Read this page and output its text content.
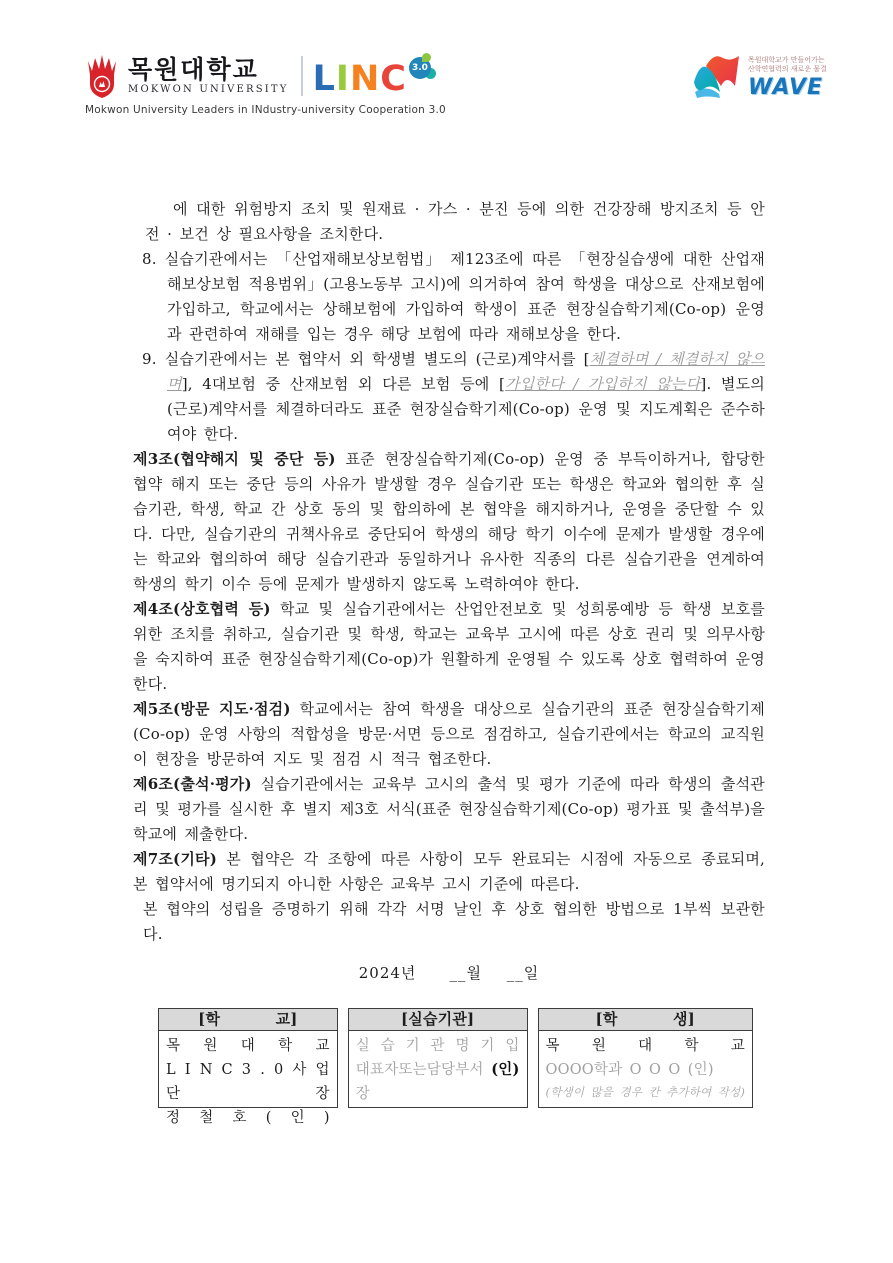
목원대학교
MOKWON UNIVERSITY L I N C 3.0
Mokwon University Leaders in INdustry-university Cooperation 3.0
목원대학교가 만들어가는
산학연협력의 새로운 물결
WAVE

에 대한 위험방지 조치 및 원재료 · 가스 · 분진 등에 의한 건강장해 방지조치 등 안전 · 보건 상 필요사항을 조치한다.

8. 실습기관에서는 「산업재해보상보험법」 제123조에 따른 「현장실습생에 대한 산업재해보상보험 적용범위」(고용노동부 고시)에 의거하여 참여 학생을 대상으로 산재보험에 가입하고, 학교에서는 상해보험에 가입하여 학생이 표준 현장실습학기제(Co-op) 운영과 관련하여 재해를 입는 경우 해당 보험에 따라 재해보상을 한다.

9. 실습기관에서는 본 협약서 외 학생별 별도의 (근로)계약서를 [체결하며 / 체결하지 않으며], 4대보험 중 산재보험 외 다른 보험 등에 [가입한다 / 가입하지 않는다]. 별도의 (근로)계약서를 체결하더라도 표준 현장실습학기제(Co-op) 운영 및 지도계획은 준수하여야 한다.

제3조(협약해지 및 중단 등) 표준 현장실습학기제(Co-op) 운영 중 부득이하거나, 합당한 협약 해지 또는 중단 등의 사유가 발생할 경우 실습기관 또는 학생은 학교와 협의한 후 실습기관, 학생, 학교 간 상호 동의 및 합의하에 본 협약을 해지하거나, 운영을 중단할 수 있다. 다만, 실습기관의 귀책사유로 중단되어 학생의 해당 학기 이수에 문제가 발생할 경우에는 학교와 협의하여 해당 실습기관과 동일하거나 유사한 직종의 다른 실습기관을 연계하여 학생의 학기 이수 등에 문제가 발생하지 않도록 노력하여야 한다.

제4조(상호협력 등) 학교 및 실습기관에서는 산업안전보호 및 성희롱예방 등 학생 보호를 위한 조치를 취하고, 실습기관 및 학생, 학교는 교육부 고시에 따른 상호 권리 및 의무사항을 숙지하여 표준 현장실습학기제(Co-op)가 원활하게 운영될 수 있도록 상호 협력하여 운영한다.

제5조(방문 지도·점검) 학교에서는 참여 학생을 대상으로 실습기관의 표준 현장실습학기제(Co-op) 운영 사항의 적합성을 방문·서면 등으로 점검하고, 실습기관에서는 학교의 교직원이 현장을 방문하여 지도 및 점검 시 적극 협조한다.

제6조(출석·평가) 실습기관에서는 교육부 고시의 출석 및 평가 기준에 따라 학생의 출석관리 및 평가를 실시한 후 별지 제3호 서식(표준 현장실습학기제(Co-op) 평가표 및 출석부)을 학교에 제출한다.

제7조(기타) 본 협약은 각 조항에 따른 사항이 모두 완료되는 시점에 자동으로 종료되며, 본 협약서에 명기되지 아니한 사항은 교육부 고시 기준에 따른다.

본 협약의 성립을 증명하기 위해 각각 서명 날인 후 상호 협의한 방법으로 1부씩 보관한다.

2024년    __월   __일
[학       교]
목 원 대 학 교
L I N C 3 . 0 사 업 단 장
정 철 호 ( 인 )
[실습기관]
실 습 기 관 명 기 입
대표자또는담당부서장
(인)
[학       생]
목 원 대 학 교
OOOO학과 O O O (인)
(학생이 많을 경우 칸 추가하여 작성)
